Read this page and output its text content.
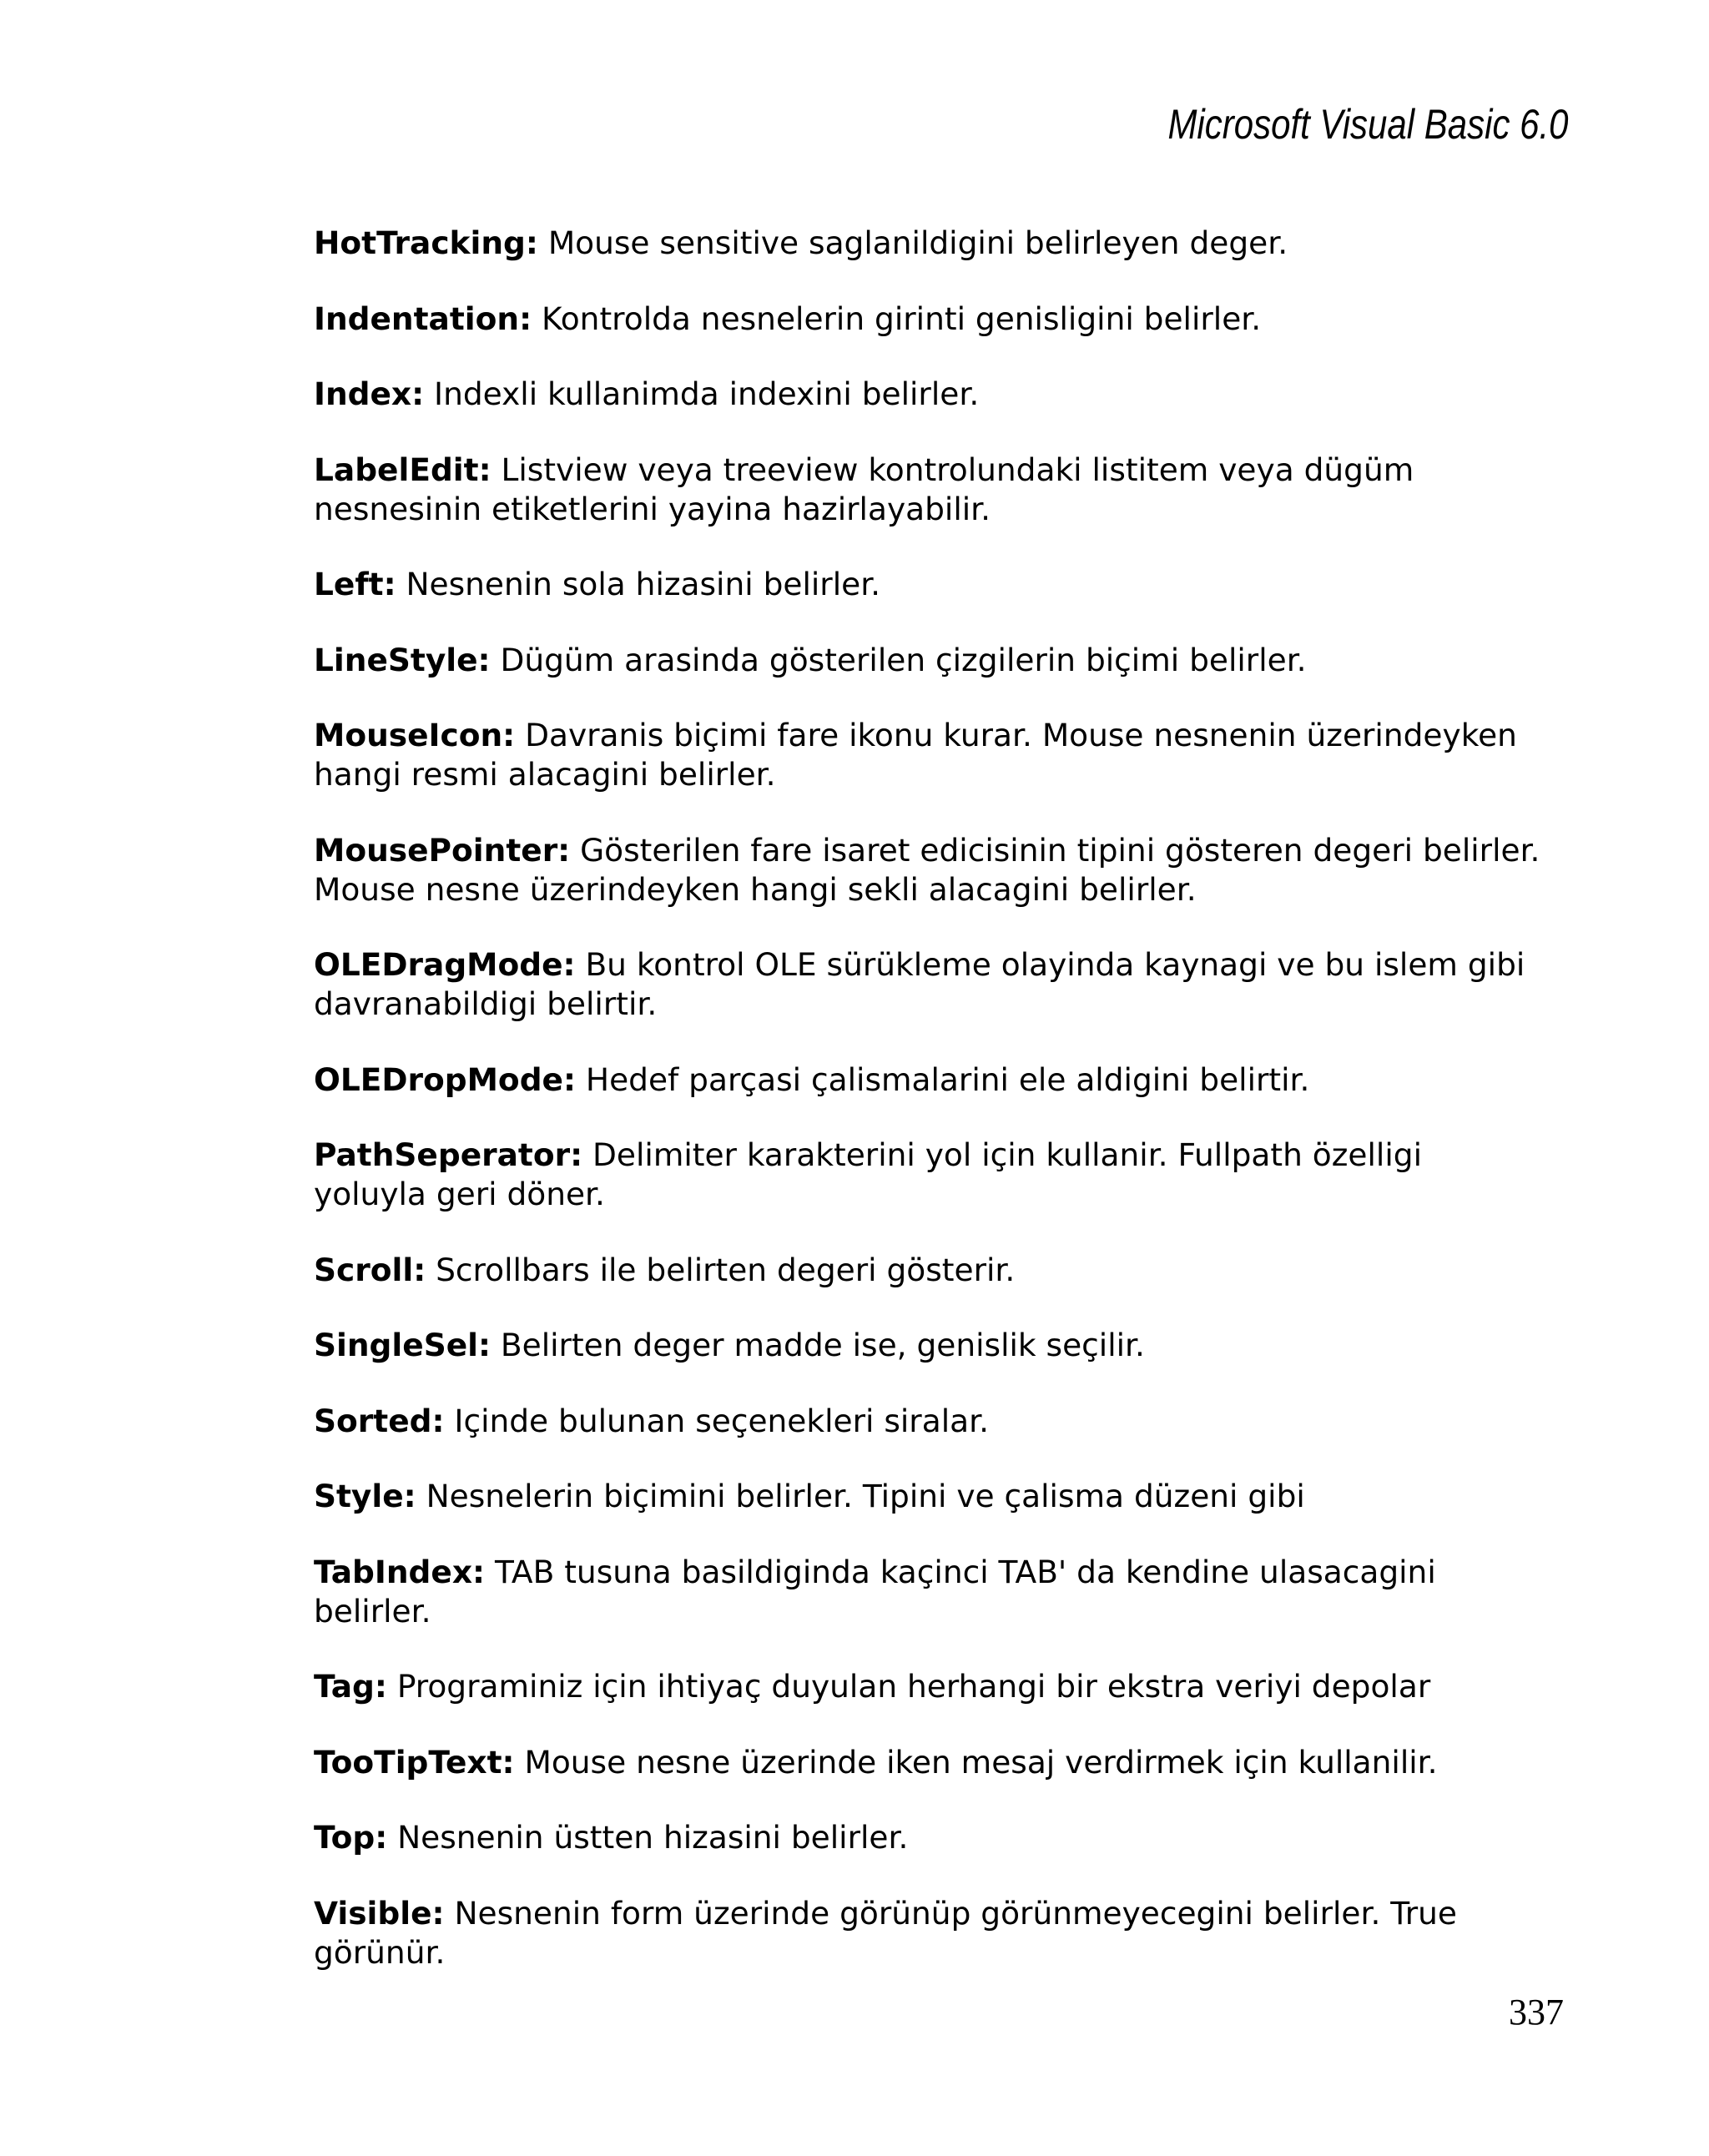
Microsoft Visual Basic 6.0
HotTracking: Mouse sensitive saglanildigini belirleyen deger.
Indentation: Kontrolda nesnelerin girinti genisligini belirler.
Index: Indexli kullanimda indexini belirler.
LabelEdit: Listview veya treeview kontrolundaki listitem veya dügüm
nesnesinin etiketlerini yayina hazirlayabilir.
Left: Nesnenin sola hizasini belirler.
LineStyle: Dügüm arasinda gösterilen çizgilerin biçimi belirler.
MouseIcon: Davranis biçimi fare ikonu kurar. Mouse nesnenin üzerindeyken
hangi resmi alacagini belirler.
MousePointer: Gösterilen fare isaret edicisinin tipini gösteren degeri belirler.
Mouse nesne üzerindeyken hangi sekli alacagini belirler.
OLEDragMode: Bu kontrol OLE sürükleme olayinda kaynagi ve bu islem gibi
davranabildigi belirtir.
OLEDropMode: Hedef parçasi çalismalarini ele aldigini belirtir.
PathSeperator: Delimiter karakterini yol için kullanir. Fullpath özelligi
yoluyla geri döner.
Scroll: Scrollbars ile belirten degeri gösterir.
SingleSel: Belirten deger madde ise, genislik seçilir.
Sorted: Içinde bulunan seçenekleri siralar.
Style: Nesnelerin biçimini belirler. Tipini ve çalisma düzeni gibi
TabIndex: TAB tusuna basildiginda kaçinci TAB' da kendine ulasacagini
belirler.
Tag: Programiniz için ihtiyaç duyulan herhangi bir ekstra veriyi depolar
TooTipText: Mouse nesne üzerinde iken mesaj verdirmek için kullanilir.
Top: Nesnenin üstten hizasini belirler.
Visible: Nesnenin form üzerinde görünüp görünmeyecegini belirler. True
görünür.
337
